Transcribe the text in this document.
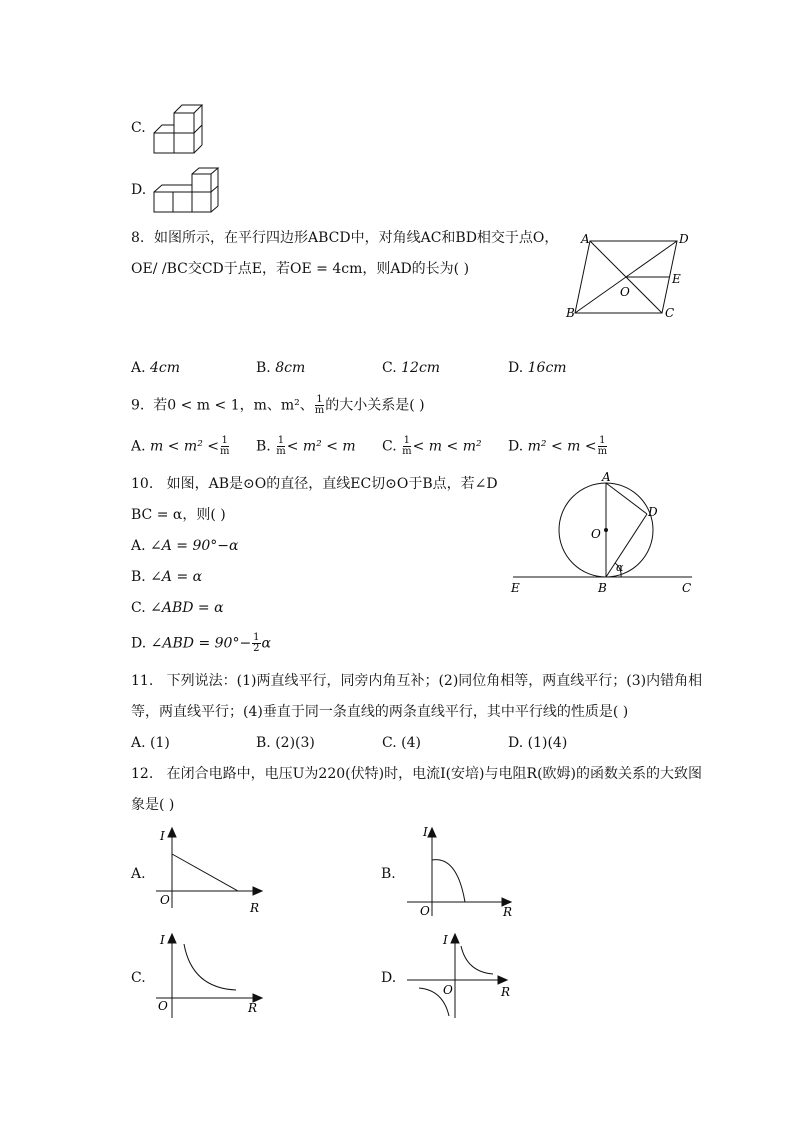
C.
D.
8. 如图所示，在平行四边形ABCD中，对角线AC和BD相交于点O，
OE/ /BC交CD于点E，若OE = 4cm，则AD的长为( )
A	D
E
O
B	C
A. 4cm	B. 8cm	C. 12cm	D. 16cm
9. 若0 < m < 1，m、m²、 $\frac{1}{m}$ 的大小关系是( )
A. $m < m^2 < \frac{1}{m} B$. $\frac{1}{m} < m^2 < m$ C. $\frac{1}{m} < m < m^2$ D. $m^2 < m < \frac{1}{m}$
10. 如图，AB是⊙O的直径，直线EC切⊙O于B点，若∠D
BC = α，则( )
A. ∠A = 90°−α
B. ∠A = α
C. ∠ABD = α
D. ∠ABD = $90^\circ- \frac{1}{2}$ α
A
D
O
α
E	B	C
11. 下列说法：(1)两直线平行，同旁内角互补；(2)同位角相等，两直线平行；(3)内错角相
等，两直线平行；(4)垂直于同一条直线的两条直线平行，其中平行线的性质是( )
A. (1)	B. (2)(3)	C. (4)	D. (1)(4)
12. 在闭合电路中，电压U为220(伏特)时，电流I(安培)与电阻R(欧姆)的函数关系的大致图
象是( )
A.
O
R
I
B.
O	R
I
C.
O	R
I
D.
O	R
I
